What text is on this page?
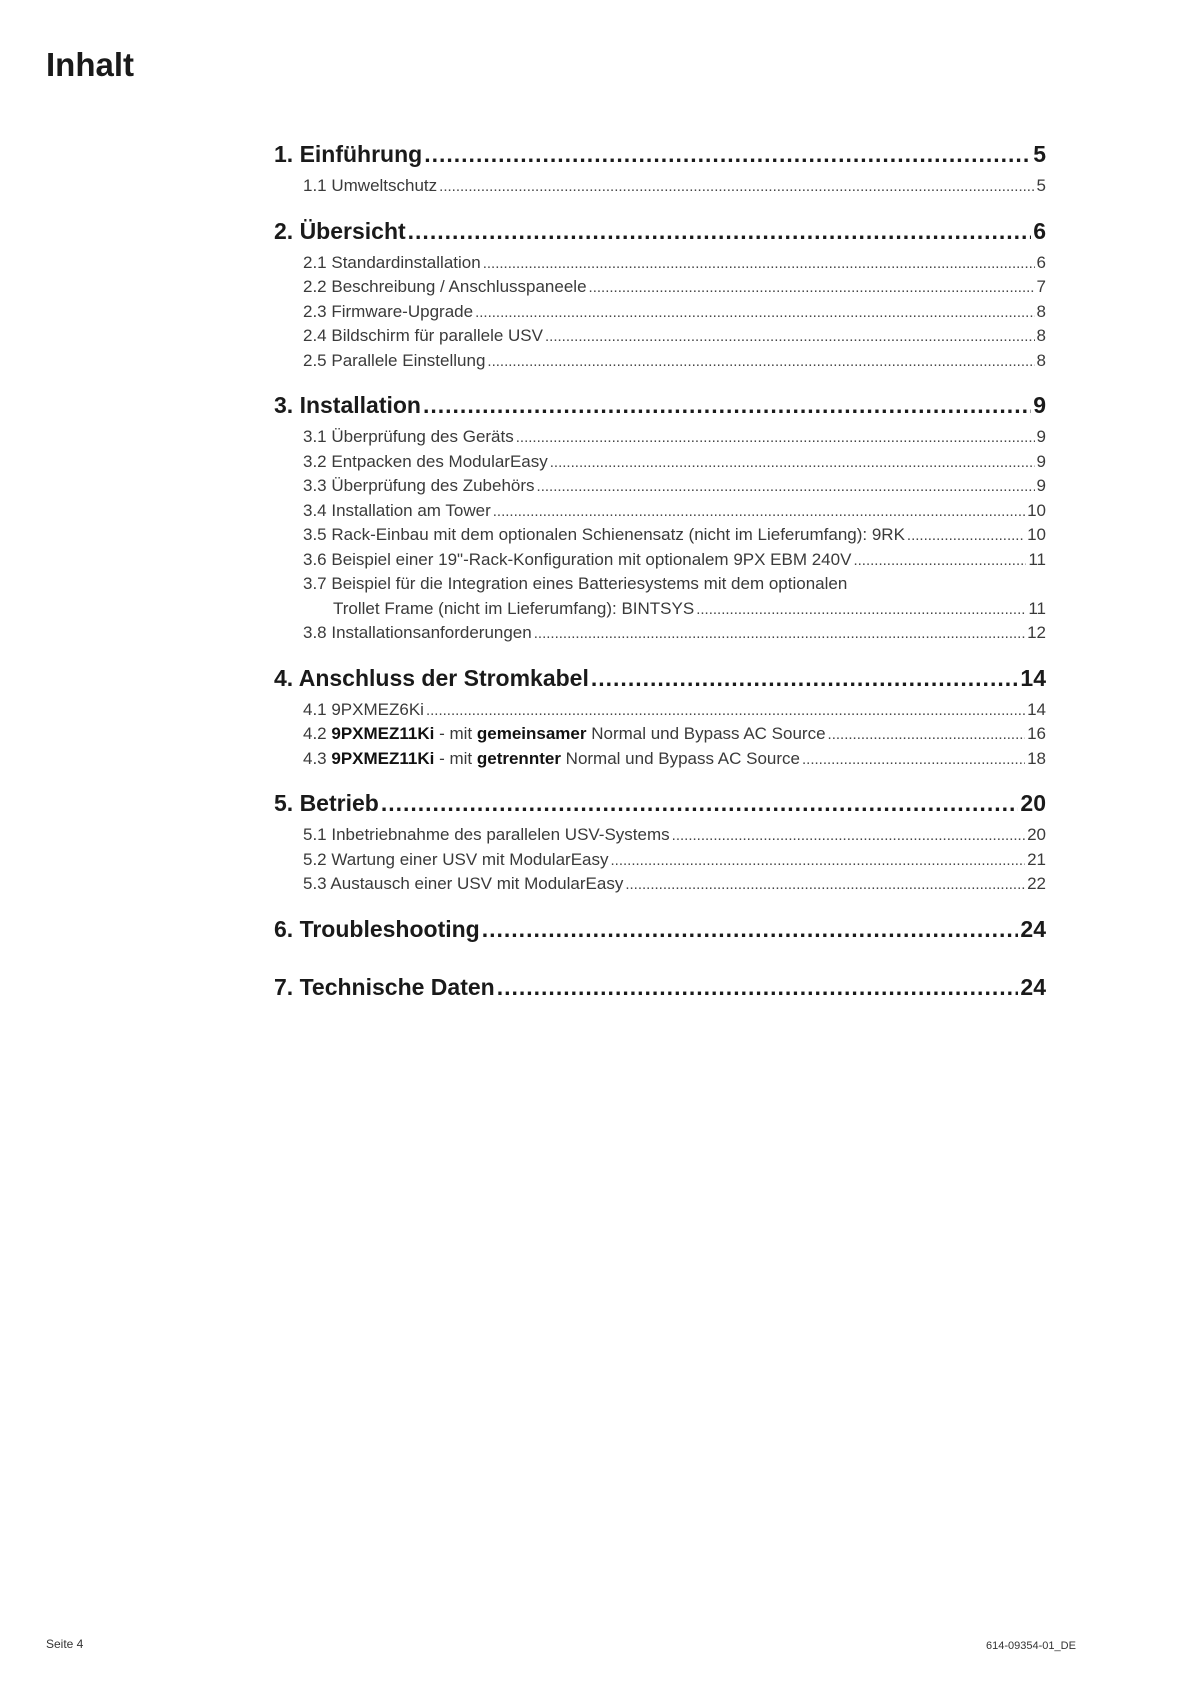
Inhalt
1. Einführung .....	5
1.1 Umweltschutz .....	5
2. Übersicht .....	6
2.1 Standardinstallation .....	6
2.2 Beschreibung / Anschlusspaneele .....	7
2.3 Firmware-Upgrade .....	8
2.4 Bildschirm für parallele USV .....	8
2.5 Parallele Einstellung .....	8
3. Installation .....	9
3.1 Überprüfung des Geräts .....	9
3.2 Entpacken des ModularEasy .....	9
3.3 Überprüfung des Zubehörs .....	9
3.4 Installation am Tower .....	10
3.5 Rack-Einbau mit dem optionalen Schienensatz (nicht im Lieferumfang): 9RK .....	10
3.6 Beispiel einer 19"-Rack-Konfiguration mit optionalem 9PX EBM 240V .....	11
3.7 Beispiel für die Integration eines Batteriesystems mit dem optionalen
Trollet Frame (nicht im Lieferumfang): BINTSYS .....	11
3.8 Installationsanforderungen .....	12
4. Anschluss der Stromkabel .....	14
4.1 9PXMEZ6Ki .....	14
4.2 9PXMEZ11Ki - mit gemeinsamer Normal und Bypass AC Source .....	16
4.3 9PXMEZ11Ki - mit getrennter Normal und Bypass AC Source .....	18
5. Betrieb .....	20
5.1 Inbetriebnahme des parallelen USV-Systems .....	20
5.2 Wartung einer USV mit ModularEasy .....	21
5.3 Austausch einer USV mit ModularEasy .....	22
6. Troubleshooting .....	24
7. Technische Daten .....	24
Seite 4	614-09354-01_DE
